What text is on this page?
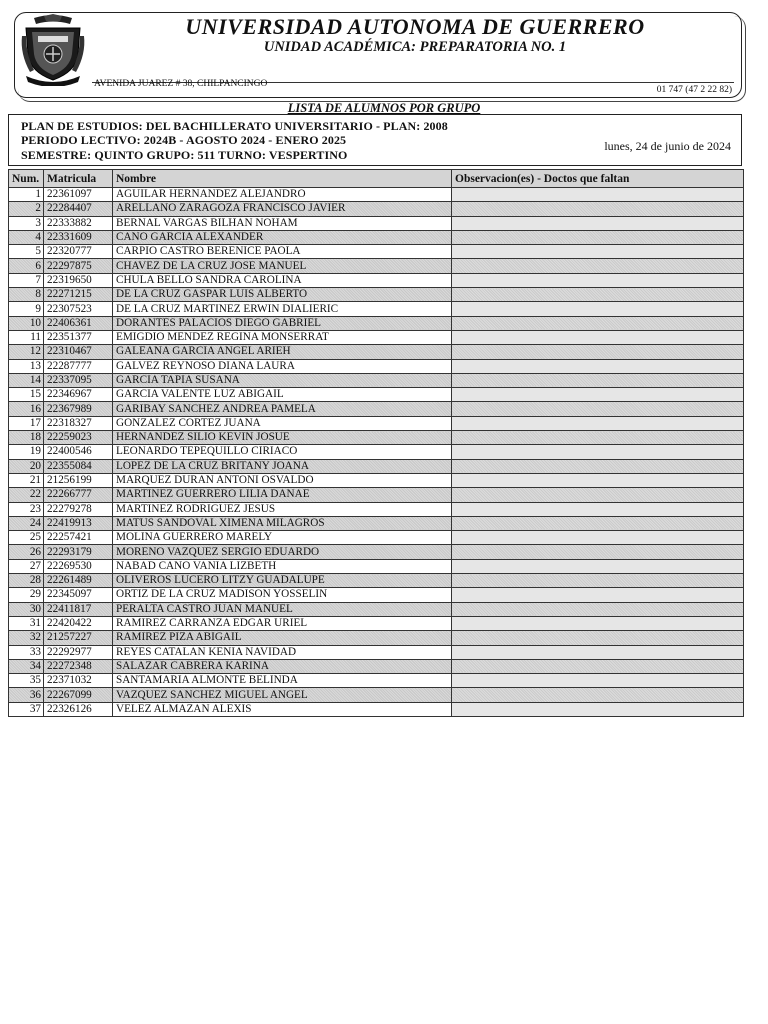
UNIVERSIDAD AUTONOMA DE GUERRERO
UNIDAD ACADÉMICA: PREPARATORIA NO. 1
AVENIDA JUAREZ # 38, CHILPANCINGO
01 747 (47 2 22 82)
LISTA DE ALUMNOS POR GRUPO
PLAN DE ESTUDIOS: DEL BACHILLERATO UNIVERSITARIO - PLAN: 2008
PERIODO LECTIVO: 2024B - AGOSTO 2024 - ENERO 2025
SEMESTRE: QUINTO GRUPO: 511 TURNO: VESPERTINO
lunes, 24 de junio de 2024
Num.	Matricula	Nombre	Observacion(es) - Doctos que faltan
1	22361097	AGUILAR HERNANDEZ ALEJANDRO	
2	22284407	ARELLANO ZARAGOZA FRANCISCO JAVIER	
3	22333882	BERNAL VARGAS BILHAN NOHAM	
4	22331609	CANO GARCIA ALEXANDER	
5	22320777	CARPIO CASTRO BERENICE PAOLA	
6	22297875	CHAVEZ DE LA CRUZ JOSE MANUEL	
7	22319650	CHULA BELLO SANDRA CAROLINA	
8	22271215	DE LA CRUZ GASPAR LUIS ALBERTO	
9	22307523	DE LA CRUZ MARTINEZ ERWIN DIALIERIC	
10	22406361	DORANTES PALACIOS DIEGO GABRIEL	
11	22351377	EMIGDIO MENDEZ REGINA MONSERRAT	
12	22310467	GALEANA GARCIA ANGEL ARIEH	
13	22287777	GALVEZ REYNOSO DIANA LAURA	
14	22337095	GARCIA TAPIA SUSANA	
15	22346967	GARCIA VALENTE LUZ ABIGAIL	
16	22367989	GARIBAY SANCHEZ ANDREA PAMELA	
17	22318327	GONZALEZ CORTEZ JUANA	
18	22259023	HERNANDEZ SILIO KEVIN JOSUE	
19	22400546	LEONARDO TEPEQUILLO CIRIACO	
20	22355084	LOPEZ DE LA CRUZ BRITANY JOANA	
21	21256199	MARQUEZ DURAN ANTONI OSVALDO	
22	22266777	MARTINEZ GUERRERO LILIA DANAE	
23	22279278	MARTINEZ RODRIGUEZ JESUS	
24	22419913	MATUS SANDOVAL XIMENA MILAGROS	
25	22257421	MOLINA GUERRERO MARELY	
26	22293179	MORENO VAZQUEZ SERGIO EDUARDO	
27	22269530	NABAD CANO VANIA LIZBETH	
28	22261489	OLIVEROS LUCERO LITZY GUADALUPE	
29	22345097	ORTIZ DE LA CRUZ MADISON YOSSELIN	
30	22411817	PERALTA CASTRO JUAN MANUEL	
31	22420422	RAMIREZ CARRANZA EDGAR URIEL	
32	21257227	RAMIREZ PIZA ABIGAIL	
33	22292977	REYES CATALAN KENIA NAVIDAD	
34	22272348	SALAZAR CABRERA KARINA	
35	22371032	SANTAMARIA ALMONTE BELINDA	
36	22267099	VAZQUEZ SANCHEZ MIGUEL ANGEL	
37	22326126	VELEZ ALMAZAN ALEXIS	
